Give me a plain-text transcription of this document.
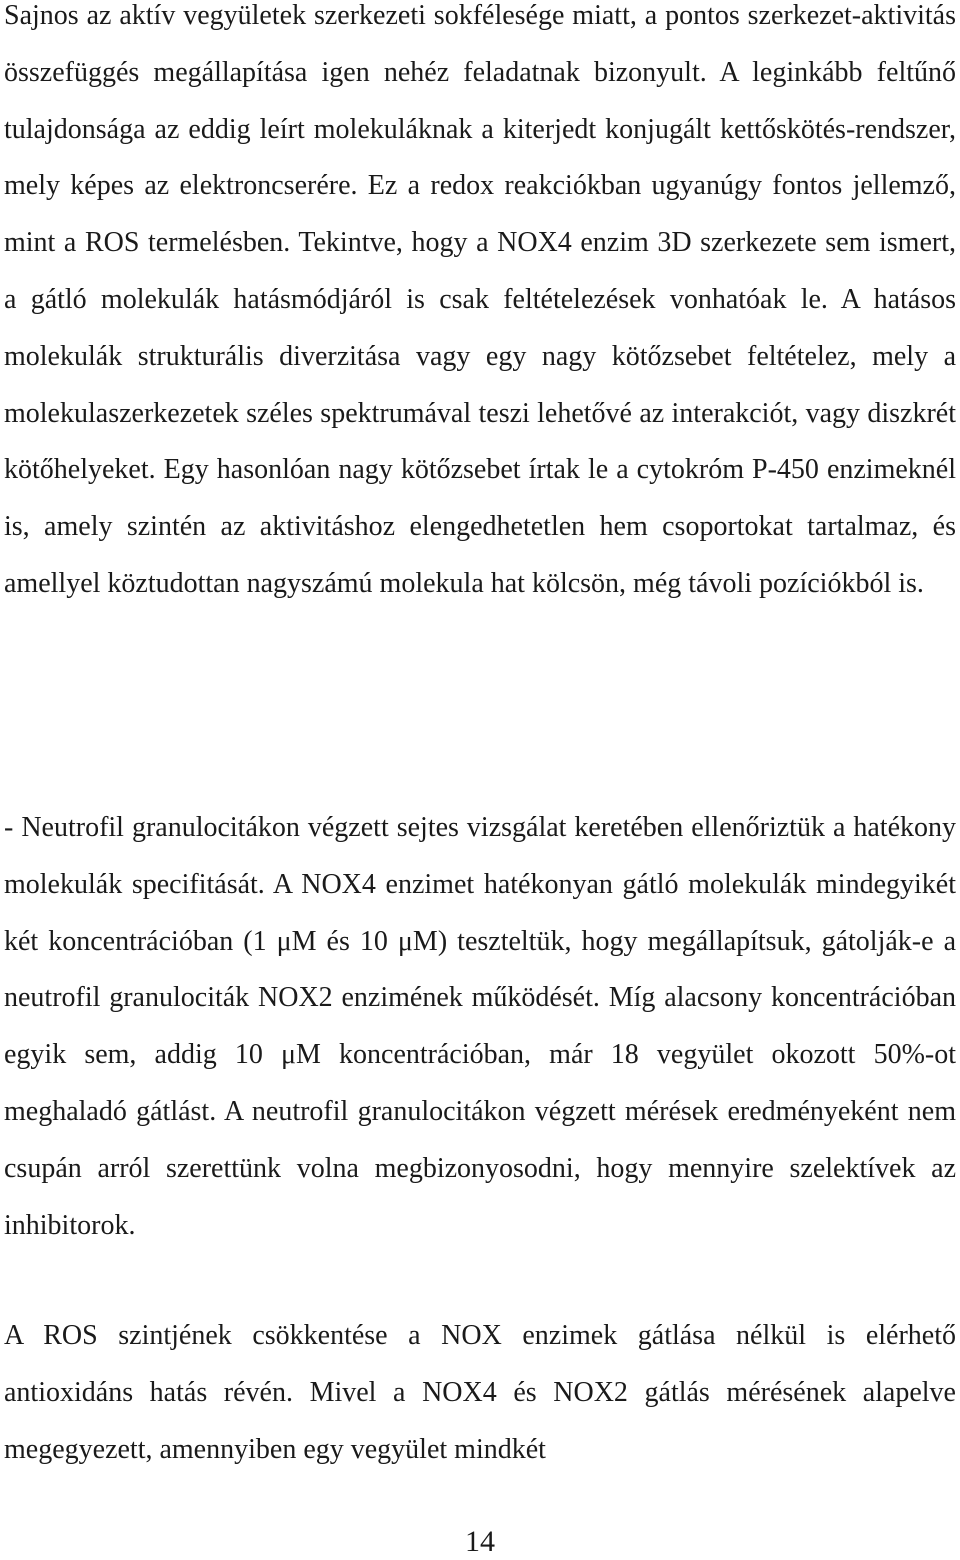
Sajnos az aktív vegyületek szerkezeti sokfélesége miatt, a pontos szerkezet-aktivitás összefüggés megállapítása igen nehéz feladatnak bizonyult. A leginkább feltűnő tulajdonsága az eddig leírt molekuláknak a kiterjedt konjugált kettőskötés-rendszer, mely képes az elektroncserére. Ez a redox reakciókban ugyanúgy fontos jellemző, mint a ROS termelésben. Tekintve, hogy a NOX4 enzim 3D szerkezete sem ismert, a gátló molekulák hatásmódjáról is csak feltételezések vonhatóak le. A hatásos molekulák strukturális diverzitása vagy egy nagy kötőzsebet feltételez, mely a molekulaszerkezetek széles spektrumával teszi lehetővé az interakciót, vagy diszkrét kötőhelyeket. Egy hasonlóan nagy kötőzsebet írtak le a cytokróm P-450 enzimeknél is, amely szintén az aktivitáshoz elengedhetetlen hem csoportokat tartalmaz, és amellyel köztudottan nagyszámú molekula hat kölcsön, még távoli pozíciókból is.

- Neutrofil granulocitákon végzett sejtes vizsgálat keretében ellenőriztük a hatékony molekulák specifitását. A NOX4 enzimet hatékonyan gátló molekulák mindegyikét két koncentrációban (1 μM és 10 μM) teszteltük, hogy megállapítsuk, gátolják-e a neutrofil granulociták NOX2 enzimének működését. Míg alacsony koncentrációban egyik sem, addig 10 μM koncentrációban, már 18 vegyület okozott 50%-ot meghaladó gátlást. A neutrofil granulocitákon végzett mérések eredményeként nem csupán arról szerettünk volna megbizonyosodni, hogy mennyire szelektívek az inhibitorok.

A ROS szintjének csökkentése a NOX enzimek gátlása nélkül is elérhető antioxidáns hatás révén. Mivel a NOX4 és NOX2 gátlás mérésének alapelve megegyezett, amennyiben egy vegyület mindkét

14
